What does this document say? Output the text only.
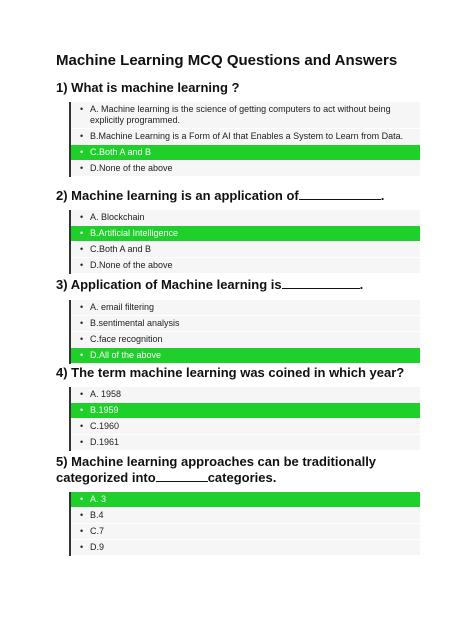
Machine Learning MCQ Questions and Answers

1) What is machine learning ?

• A. Machine learning is the science of getting computers to act without being explicitly programmed.
• B.Machine Learning is a Form of AI that Enables a System to Learn from Data.
• C.Both A and B
• D.None of the above

2) Machine learning is an application of	.

• A. Blockchain
• B.Artificial Intelligence
• C.Both A and B
• D.None of the above

3) Application of Machine learning is	.

• A. email filtering
• B.sentimental analysis
• C.face recognition
• D.All of the above

4) The term machine learning was coined in which year?

• A. 1958
• B.1959
• C.1960
• D.1961

5) Machine learning approaches can be traditionally categorized into	categories.

• A. 3
• B.4
• C.7
• D.9
